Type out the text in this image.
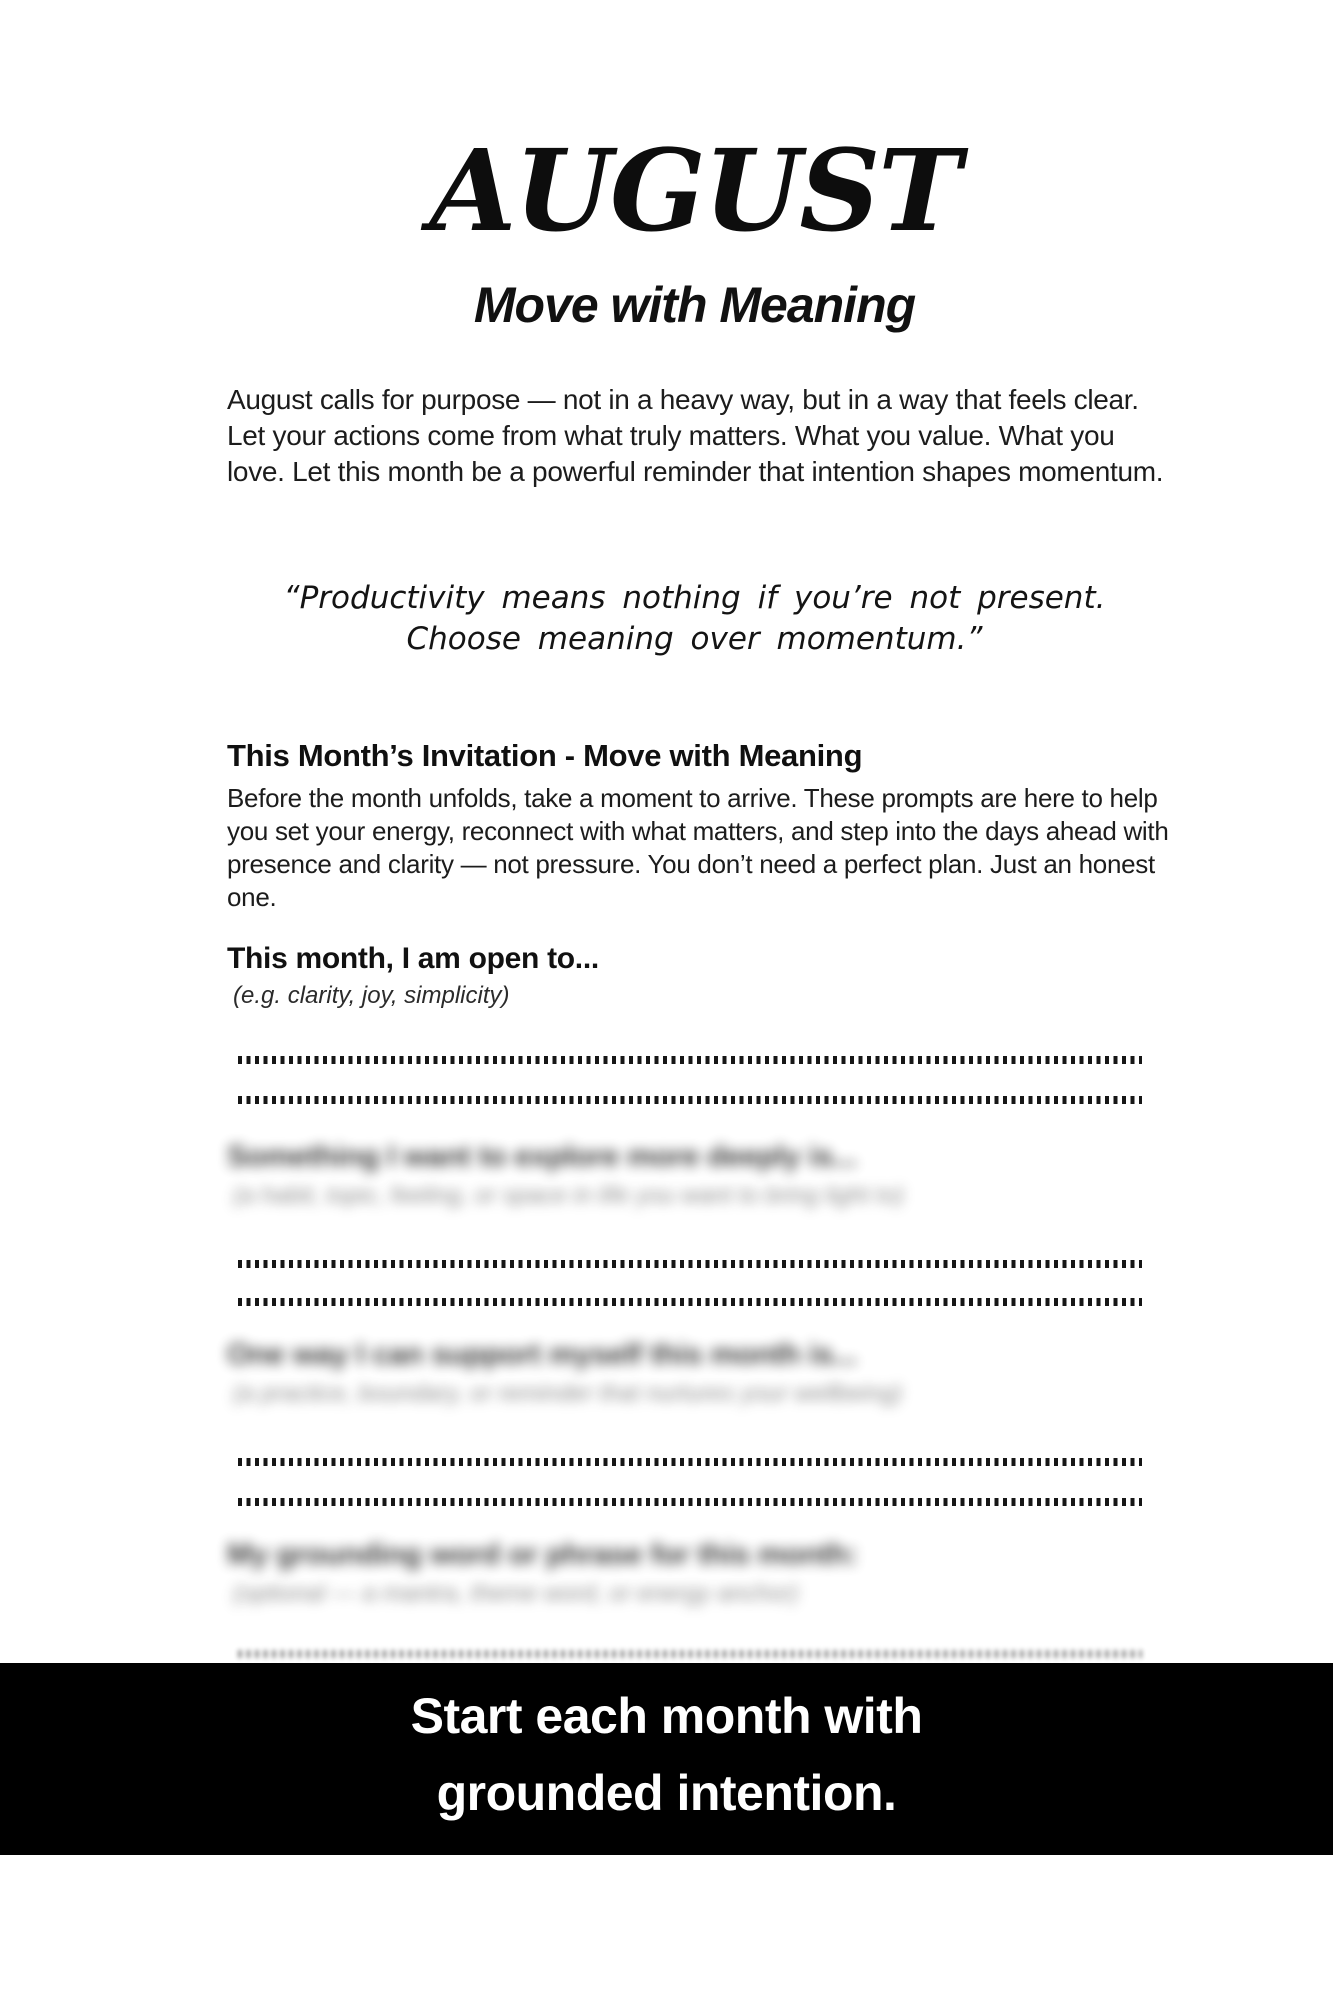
AUGUST
Move with Meaning
August calls for purpose — not in a heavy way, but in a way that feels clear. Let your actions come from what truly matters. What you value. What you love. Let this month be a powerful reminder that intention shapes momentum.
“Productivity means nothing if you’re not present.
Choose meaning over momentum.”
This Month’s Invitation - Move with Meaning
Before the month unfolds, take a moment to arrive. These prompts are here to help you set your energy, reconnect with what matters, and step into the days ahead with presence and clarity — not pressure. You don’t need a perfect plan. Just an honest one.
This month, I am open to...
(e.g. clarity, joy, simplicity)
Something I want to explore more deeply is...
(a habit, topic, feeling, or space in life you want to bring light to)
One way I can support myself this month is...
(a practice, boundary, or reminder that nurtures your wellbeing)
My grounding word or phrase for this month:
(optional — a mantra, theme word, or energy anchor)
Start each month with
grounded intention.
